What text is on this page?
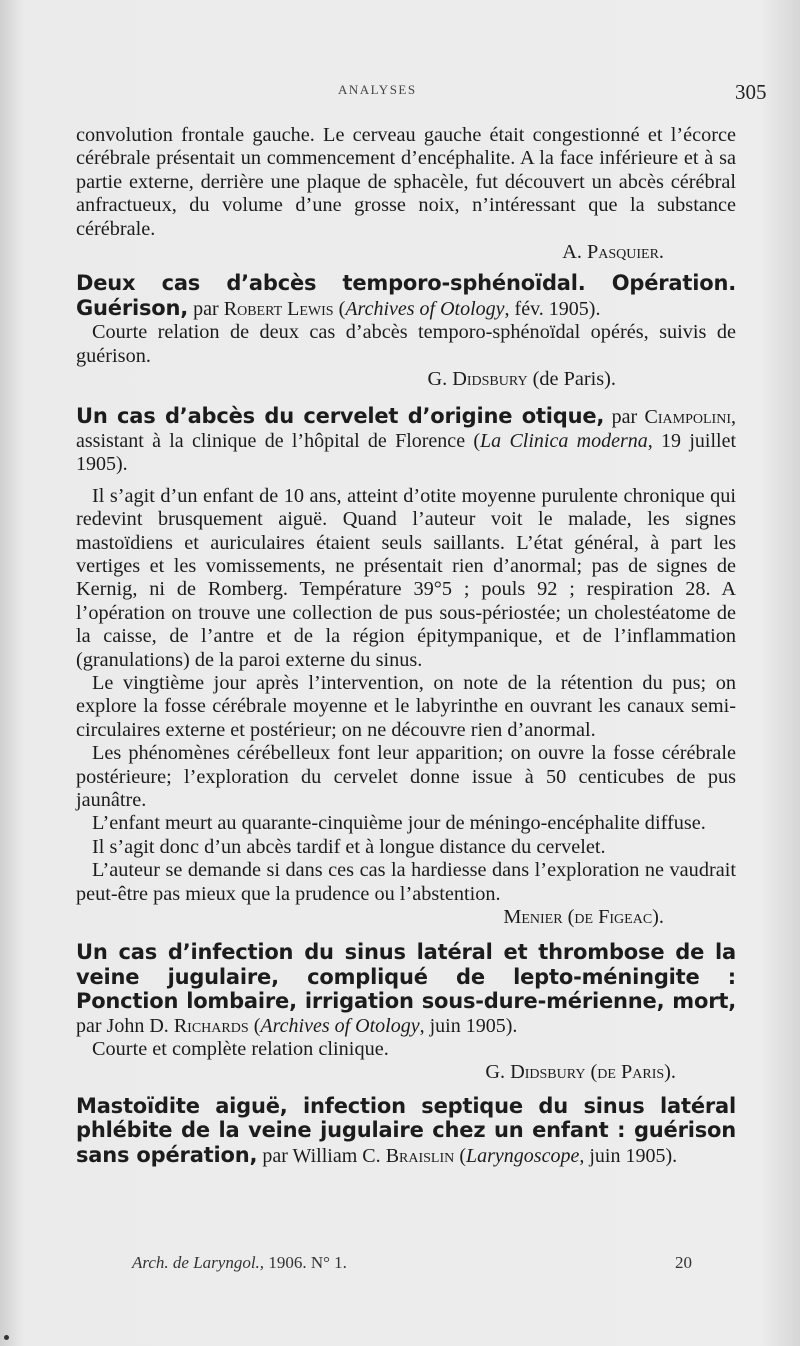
ANALYSES	305

convolution frontale gauche. Le cerveau gauche était congestionné et l’écorce cérébrale présentait un commencement d’encéphalite. A la face inférieure et à sa partie externe, derrière une plaque de sphacèle, fut découvert un abcès cérébral anfractueux, du volume d’une grosse noix, n’intéressant que la substance cérébrale.

A. Pasquier.

Deux cas d’abcès temporo-sphénoïdal. Opération. Guérison, par Robert Lewis (Archives of Otology, fév. 1905).

Courte relation de deux cas d’abcès temporo-sphénoïdal opérés, suivis de guérison.

G. Didsbury (de Paris).

Un cas d’abcès du cervelet d’origine otique, par Ciampolini, assistant à la clinique de l’hôpital de Florence (La Clinica moderna, 19 juillet 1905).

Il s’agit d’un enfant de 10 ans, atteint d’otite moyenne purulente chronique qui redevint brusquement aiguë. Quand l’auteur voit le malade, les signes mastoïdiens et auriculaires étaient seuls saillants. L’état général, à part les vertiges et les vomissements, ne présentait rien d’anormal; pas de signes de Kernig, ni de Romberg. Température 39°5 ; pouls 92 ; respiration 28. A l’opération on trouve une collection de pus sous-périostée; un cholestéatome de la caisse, de l’antre et de la région épitympanique, et de l’inflammation (granulations) de la paroi externe du sinus.

Le vingtième jour après l’intervention, on note de la rétention du pus; on explore la fosse cérébrale moyenne et le labyrinthe en ouvrant les canaux semi-circulaires externe et postérieur; on ne découvre rien d’anormal.

Les phénomènes cérébelleux font leur apparition; on ouvre la fosse cérébrale postérieure; l’exploration du cervelet donne issue à 50 centicubes de pus jaunâtre.

L’enfant meurt au quarante-cinquième jour de méningo-encéphalite diffuse.

Il s’agit donc d’un abcès tardif et à longue distance du cervelet.

L’auteur se demande si dans ces cas la hardiesse dans l’exploration ne vaudrait peut-être pas mieux que la prudence ou l’abstention.

Menier (de Figeac).

Un cas d’infection du sinus latéral et thrombose de la veine jugulaire, compliqué de lepto-méningite : Ponction lombaire, irrigation sous-dure-mérienne, mort, par John D. Richards (Archives of Otology, juin 1905).

Courte et complète relation clinique.

G. Didsbury (de Paris).

Mastoïdite aiguë, infection septique du sinus latéral phlébite de la veine jugulaire chez un enfant : guérison sans opération, par William C. Braislin (Laryngoscope, juin 1905).

Arch. de Laryngol., 1906. N° 1.	20
